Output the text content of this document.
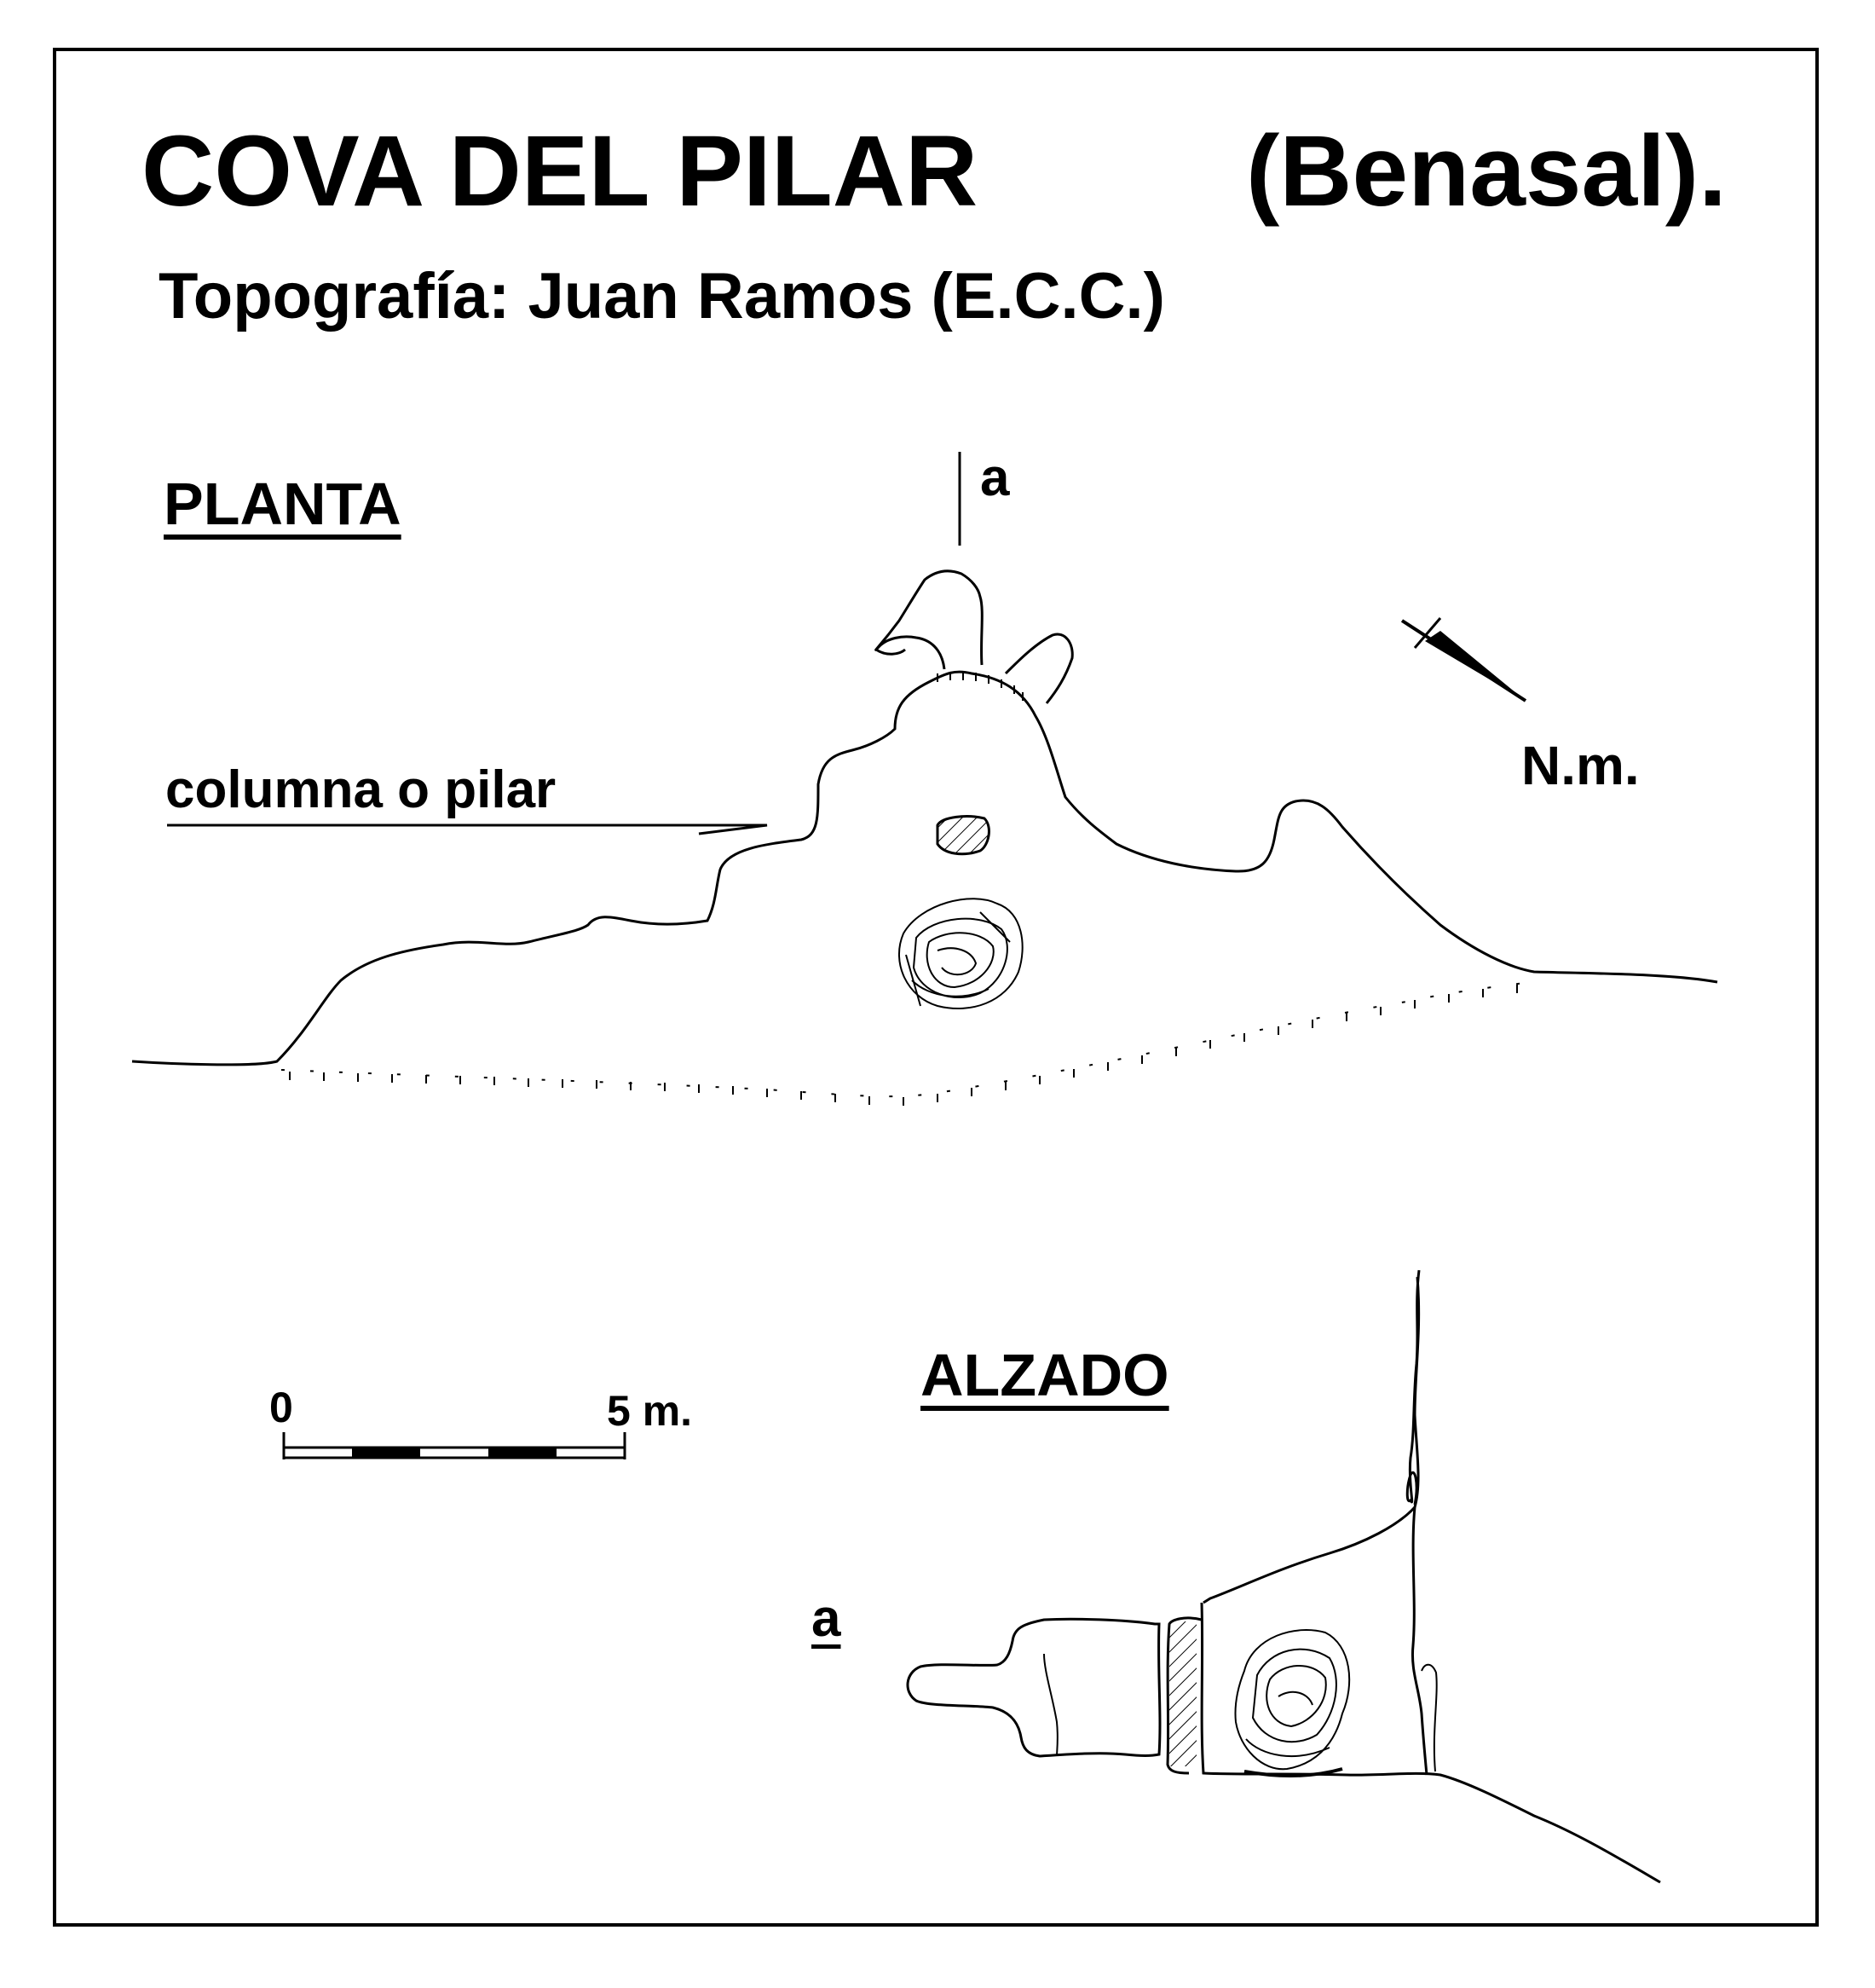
COVA DEL PILAR	(Benasal).
Topografía: Juan Ramos (E.C.C.)
PLANTA
ALZADO
columna o pilar
a
N.m.
a
0	5 m.
